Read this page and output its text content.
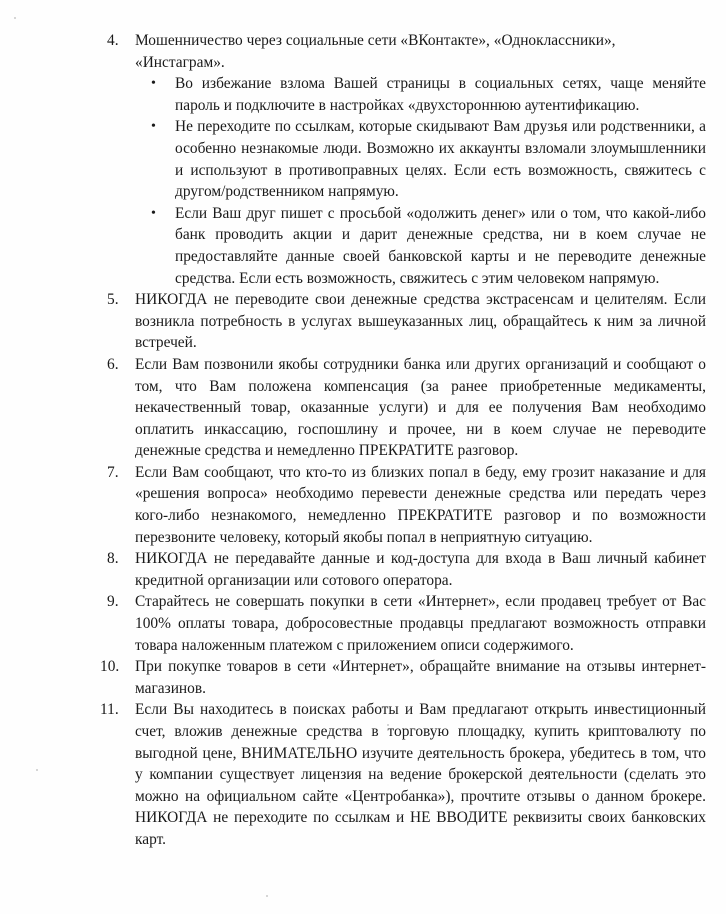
4. Мошенничество через социальные сети «ВКонтакте», «Одноклассники», «Инстаграм».
• Во избежание взлома Вашей страницы в социальных сетях, чаще меняйте пароль и подключите в настройках «двухстороннюю аутентификацию.
• Не переходите по ссылкам, которые скидывают Вам друзья или родственники, а особенно незнакомые люди. Возможно их аккаунты взломали злоумышленники и используют в противоправных целях. Если есть возможность, свяжитесь с другом/родственником напрямую.
• Если Ваш друг пишет с просьбой «одолжить денег» или о том, что какой-либо банк проводить акции и дарит денежные средства, ни в коем случае не предоставляйте данные своей банковской карты и не переводите денежные средства. Если есть возможность, свяжитесь с этим человеком напрямую.
5. НИКОГДА не переводите свои денежные средства экстрасенсам и целителям. Если возникла потребность в услугах вышеуказанных лиц, обращайтесь к ним за личной встречей.
6. Если Вам позвонили якобы сотрудники банка или других организаций и сообщают о том, что Вам положена компенсация (за ранее приобретенные медикаменты, некачественный товар, оказанные услуги) и для ее получения Вам необходимо оплатить инкассацию, госпошлину и прочее, ни в коем случае не переводите денежные средства и немедленно ПРЕКРАТИТЕ разговор.
7. Если Вам сообщают, что кто-то из близких попал в беду, ему грозит наказание и для «решения вопроса» необходимо перевести денежные средства или передать через кого-либо незнакомого, немедленно ПРЕКРАТИТЕ разговор и по возможности перезвоните человеку, который якобы попал в неприятную ситуацию.
8. НИКОГДА не передавайте данные и код-доступа для входа в Ваш личный кабинет кредитной организации или сотового оператора.
9. Старайтесь не совершать покупки в сети «Интернет», если продавец требует от Вас 100% оплаты товара, добросовестные продавцы предлагают возможность отправки товара наложенным платежом с приложением описи содержимого.
10. При покупке товаров в сети «Интернет», обращайте внимание на отзывы интернет-магазинов.
11. Если Вы находитесь в поисках работы и Вам предлагают открыть инвестиционный счет, вложив денежные средства в торговую площадку, купить криптовалюту по выгодной цене, ВНИМАТЕЛЬНО изучите деятельность брокера, убедитесь в том, что у компании существует лицензия на ведение брокерской деятельности (сделать это можно на официальном сайте «Центробанка»), прочтите отзывы о данном брокере. НИКОГДА не переходите по ссылкам и НЕ ВВОДИТЕ реквизиты своих банковских карт.
